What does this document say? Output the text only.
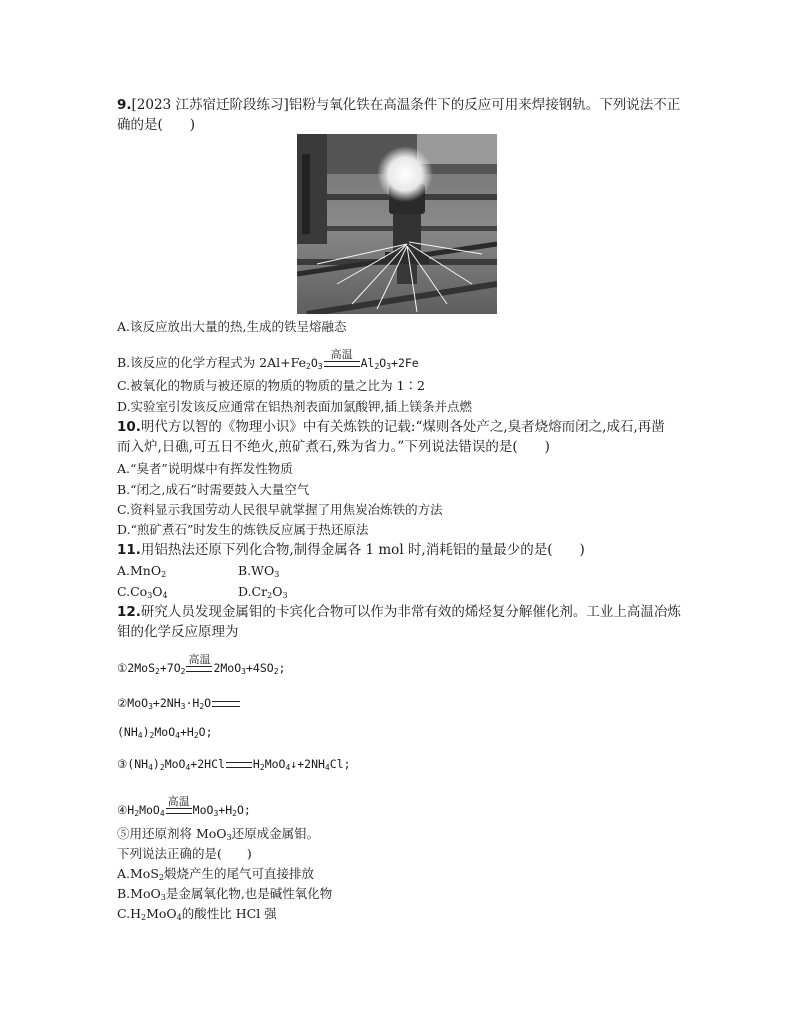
9.[2023 江苏宿迁阶段练习]铝粉与氧化铁在高温条件下的反应可用来焊接钢轨。下列说法不正
确的是(　　)
A.该反应放出大量的热,生成的铁呈熔融态
B.该反应的化学方程式为 $2Al+Fe_2O_3$
高温
$Al_2O_3+2Fe$
C.被氧化的物质与被还原的物质的物质的量之比为 1∶2
D.实验室引发该反应通常在铝热剂表面加氯酸钾,插上镁条并点燃
10.明代方以智的《物理小识》中有关炼铁的记载:“煤则各处产之,臭者烧熔而闭之,成石,再凿
而入炉,日礁,可五日不绝火,煎矿煮石,殊为省力。”下列说法错误的是(　　)
A.“臭者”说明煤中有挥发性物质
B.“闭之,成石”时需要鼓入大量空气
C.资料显示我国劳动人民很早就掌握了用焦炭冶炼铁的方法
D.“煎矿煮石”时发生的炼铁反应属于热还原法
11.用铝热法还原下列化合物,制得金属各 1 mol 时,消耗铝的量最少的是(　　)
A.MnO$_2$	$B.WO_3$
$C.Co_3O_4$	$D.Cr_2O_3$
12.研究人员发现金属钼的卡宾化合物可以作为非常有效的烯烃复分解催化剂。工业上高温冶炼
钼的化学反应原理为
$①2MoS_2+7O_2$
高温
$2MoO_3+4SO_2$;
$②MoO_3+2NH_3\cdot H_2O$
$(NH_4)_2MoO_4+H_2O$;
$③(NH_4)_2MoO_4+2HCl$ $H_2MoO_4↓+2NH_4Cl$;
$④H_2MoO_4$
高温
$MoO_3+H_2O$;
⑤用还原剂将 MoO$_3$还原成金属钼。
下列说法正确的是(　　)
A.MoS$_2$煅烧产生的尾气可直接排放
B.MoO$_3$是金属氧化物,也是碱性氧化物
$C.H_2MoO_4$的酸性比 HCl 强
